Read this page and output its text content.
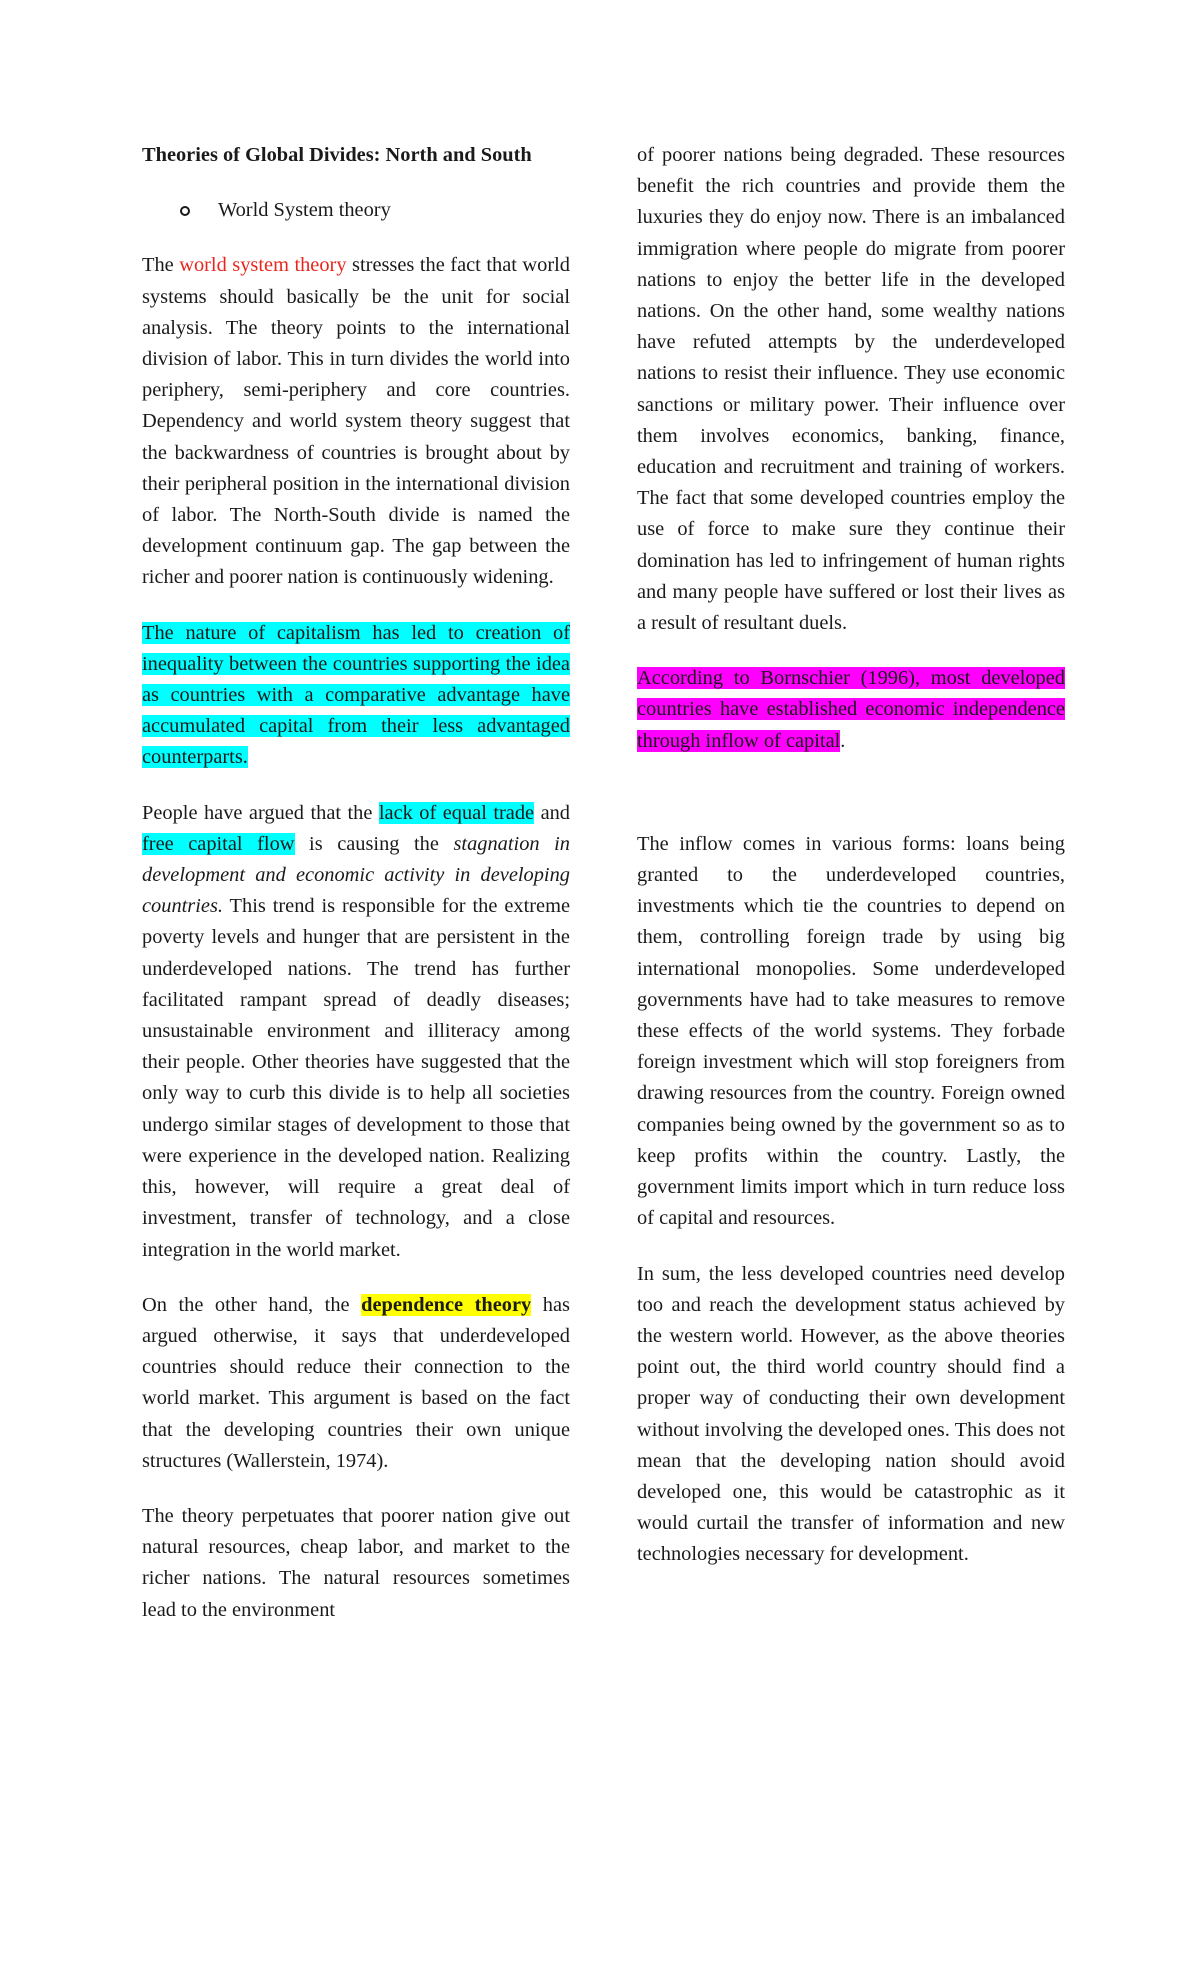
Theories of Global Divides: North and South
World System theory

The world system theory stresses the fact that world systems should basically be the unit for social analysis. The theory points to the international division of labor. This in turn divides the world into periphery, semi-periphery and core countries. Dependency and world system theory suggest that the backwardness of countries is brought about by their peripheral position in the international division of labor. The North-South divide is named the development continuum gap. The gap between the richer and poorer nation is continuously widening.

The nature of capitalism has led to creation of inequality between the countries supporting the idea as countries with a comparative advantage have accumulated capital from their less advantaged counterparts.

People have argued that the lack of equal trade and free capital flow is causing the stagnation in development and economic activity in developing countries. This trend is responsible for the extreme poverty levels and hunger that are persistent in the underdeveloped nations. The trend has further facilitated rampant spread of deadly diseases; unsustainable environment and illiteracy among their people. Other theories have suggested that the only way to curb this divide is to help all societies undergo similar stages of development to those that were experience in the developed nation. Realizing this, however, will require a great deal of investment, transfer of technology, and a close integration in the world market.

On the other hand, the dependence theory has argued otherwise, it says that underdeveloped countries should reduce their connection to the world market. This argument is based on the fact that the developing countries their own unique structures (Wallerstein, 1974).

The theory perpetuates that poorer nation give out natural resources, cheap labor, and market to the richer nations. The natural resources sometimes lead to the environment

of poorer nations being degraded. These resources benefit the rich countries and provide them the luxuries they do enjoy now. There is an imbalanced immigration where people do migrate from poorer nations to enjoy the better life in the developed nations. On the other hand, some wealthy nations have refuted attempts by the underdeveloped nations to resist their influence. They use economic sanctions or military power. Their influence over them involves economics, banking, finance, education and recruitment and training of workers. The fact that some developed countries employ the use of force to make sure they continue their domination has led to infringement of human rights and many people have suffered or lost their lives as a result of resultant duels.

According to Bornschier (1996), most developed countries have established economic independence through inflow of capital.

The inflow comes in various forms: loans being granted to the underdeveloped countries, investments which tie the countries to depend on them, controlling foreign trade by using big international monopolies. Some underdeveloped governments have had to take measures to remove these effects of the world systems. They forbade foreign investment which will stop foreigners from drawing resources from the country. Foreign owned companies being owned by the government so as to keep profits within the country. Lastly, the government limits import which in turn reduce loss of capital and resources.

In sum, the less developed countries need develop too and reach the development status achieved by the western world. However, as the above theories point out, the third world country should find a proper way of conducting their own development without involving the developed ones. This does not mean that the developing nation should avoid developed one, this would be catastrophic as it would curtail the transfer of information and new technologies necessary for development.
